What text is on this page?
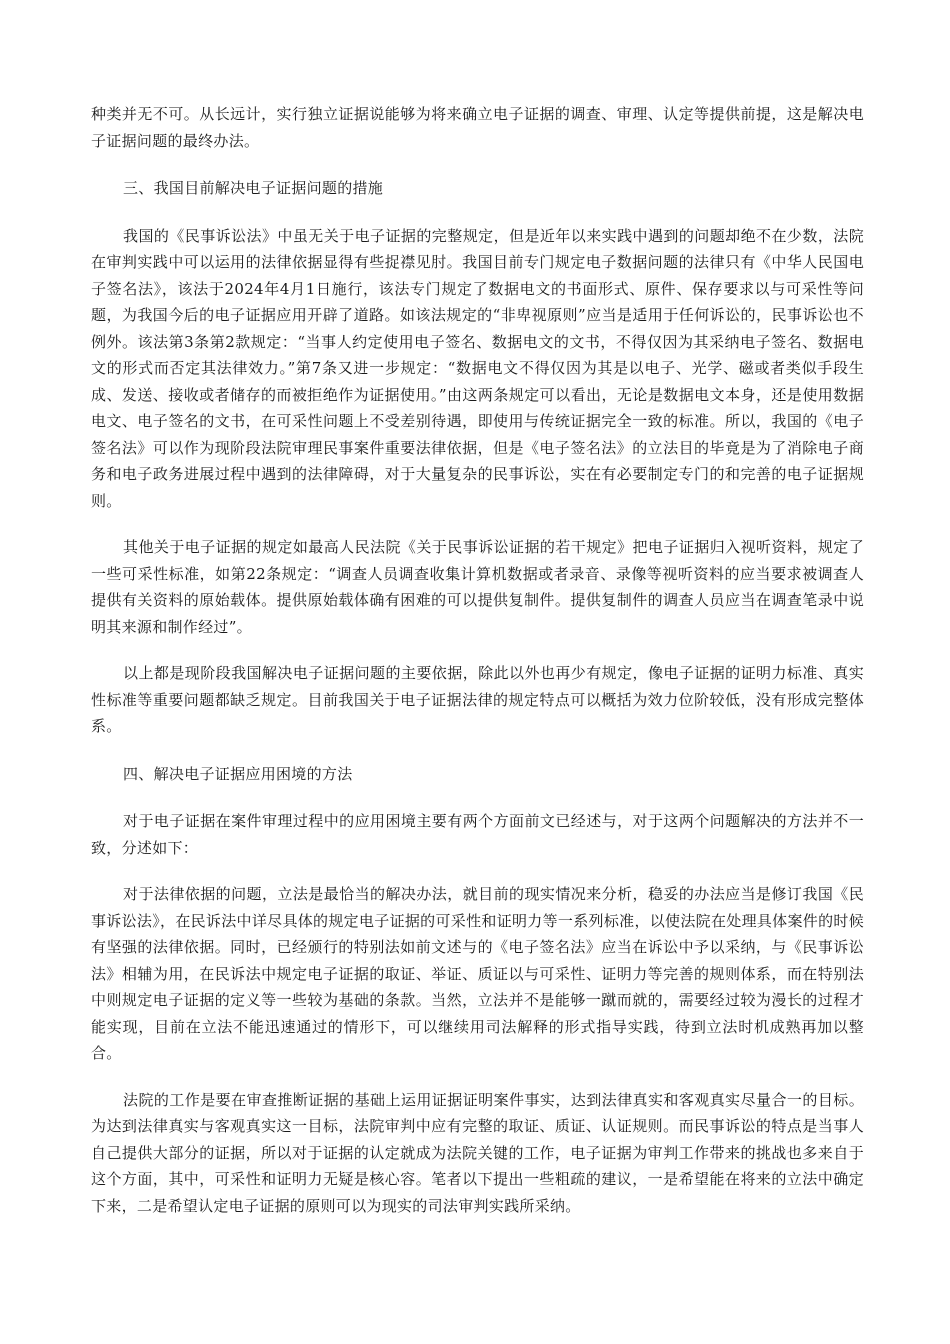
种类并无不可。从长远计，实行独立证据说能够为将来确立电子证据的调查、审理、认定等提供前提，这是解决电子证据问题的最终办法。

三、我国目前解决电子证据问题的措施

我国的《民事诉讼法》中虽无关于电子证据的完整规定，但是近年以来实践中遇到的问题却绝不在少数，法院在审判实践中可以运用的法律依据显得有些捉襟见肘。我国目前专门规定电子数据问题的法律只有《中华人民国电子签名法》，该法于2024年4月1日施行，该法专门规定了数据电文的书面形式、原件、保存要求以与可采性等问题，为我国今后的电子证据应用开辟了道路。如该法规定的“非卑视原则”应当是适用于任何诉讼的，民事诉讼也不例外。该法第3条第2款规定：“当事人约定使用电子签名、数据电文的文书，不得仅因为其采纳电子签名、数据电文的形式而否定其法律效力。”第7条又进一步规定：“数据电文不得仅因为其是以电子、光学、磁或者类似手段生成、发送、接收或者储存的而被拒绝作为证据使用。”由这两条规定可以看出，无论是数据电文本身，还是使用数据电文、电子签名的文书，在可采性问题上不受差别待遇，即使用与传统证据完全一致的标准。所以，我国的《电子签名法》可以作为现阶段法院审理民事案件重要法律依据，但是《电子签名法》的立法目的毕竟是为了消除电子商务和电子政务进展过程中遇到的法律障碍，对于大量复杂的民事诉讼，实在有必要制定专门的和完善的电子证据规则。

其他关于电子证据的规定如最高人民法院《关于民事诉讼证据的若干规定》把电子证据归入视听资料，规定了一些可采性标准，如第22条规定：“调查人员调查收集计算机数据或者录音、录像等视听资料的应当要求被调查人提供有关资料的原始载体。提供原始载体确有困难的可以提供复制件。提供复制件的调查人员应当在调查笔录中说明其来源和制作经过”。

以上都是现阶段我国解决电子证据问题的主要依据，除此以外也再少有规定，像电子证据的证明力标准、真实性标准等重要问题都缺乏规定。目前我国关于电子证据法律的规定特点可以概括为效力位阶较低，没有形成完整体系。

四、解决电子证据应用困境的方法

对于电子证据在案件审理过程中的应用困境主要有两个方面前文已经述与，对于这两个问题解决的方法并不一致，分述如下：

对于法律依据的问题，立法是最恰当的解决办法，就目前的现实情况来分析，稳妥的办法应当是修订我国《民事诉讼法》，在民诉法中详尽具体的规定电子证据的可采性和证明力等一系列标准，以使法院在处理具体案件的时候有坚强的法律依据。同时，已经颁行的特别法如前文述与的《电子签名法》应当在诉讼中予以采纳，与《民事诉讼法》相辅为用，在民诉法中规定电子证据的取证、举证、质证以与可采性、证明力等完善的规则体系，而在特别法中则规定电子证据的定义等一些较为基础的条款。当然，立法并不是能够一蹴而就的，需要经过较为漫长的过程才能实现，目前在立法不能迅速通过的情形下，可以继续用司法解释的形式指导实践，待到立法时机成熟再加以整合。

法院的工作是要在审查推断证据的基础上运用证据证明案件事实，达到法律真实和客观真实尽量合一的目标。为达到法律真实与客观真实这一目标，法院审判中应有完整的取证、质证、认证规则。而民事诉讼的特点是当事人自己提供大部分的证据，所以对于证据的认定就成为法院关键的工作，电子证据为审判工作带来的挑战也多来自于这个方面，其中，可采性和证明力无疑是核心容。笔者以下提出一些粗疏的建议，一是希望能在将来的立法中确定下来，二是希望认定电子证据的原则可以为现实的司法审判实践所采纳。
